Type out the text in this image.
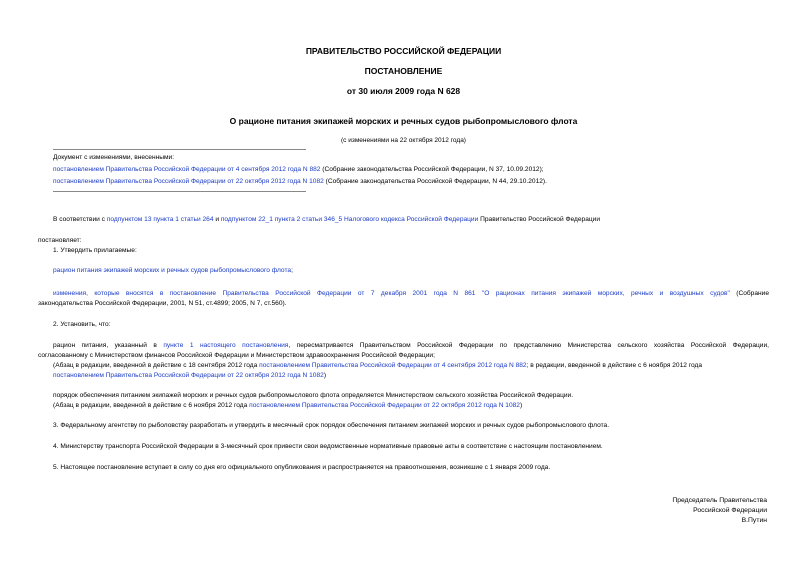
ПРАВИТЕЛЬСТВО РОССИЙСКОЙ ФЕДЕРАЦИИ
ПОСТАНОВЛЕНИЕ
от 30 июля 2009 года N 628
О рационе питания экипажей морских и речных судов рыбопромыслового флота
(с изменениями на 22 октября 2012 года)
Документ с изменениями, внесенными:
постановлением Правительства Российской Федерации от 4 сентября 2012 года N 882 (Собрание законодательства Российской Федерации, N 37, 10.09.2012);
постановлением Правительства Российской Федерации от 22 октября 2012 года N 1082 (Собрание законодательства Российской Федерации, N 44, 29.10.2012).
В соответствии с подпунктом 13 пункта 1 статьи 264 и подпунктом 22_1 пункта 2 статьи 346_5 Налогового кодекса Российской Федерации Правительство Российской Федерации
постановляет:
1. Утвердить прилагаемые:
рацион питания экипажей морских и речных судов рыбопромыслового флота;
изменения, которые вносятся в постановление Правительства Российской Федерации от 7 декабря 2001 года N 861 "О рационах питания экипажей морских, речных и воздушных судов" (Собрание
законодательства Российской Федерации, 2001, N 51, ст.4899; 2005, N 7, ст.560).
2. Установить, что:
рацион питания, указанный в пункте 1 настоящего постановления, пересматривается Правительством Российской Федерации по представлению Министерства сельского хозяйства Российской Федерации,
согласованному с Министерством финансов Российской Федерации и Министерством здравоохранения Российской Федерации;
(Абзац в редакции, введенной в действие с 18 сентября 2012 года постановлением Правительства Российской Федерации от 4 сентября 2012 года N 882; в редакции, введенной в действие с 6 ноября 2012 года
постановлением Правительства Российской Федерации от 22 октября 2012 года N 1082)
порядок обеспечения питанием экипажей морских и речных судов рыбопромыслового флота определяется Министерством сельского хозяйства Российской Федерации.
(Абзац в редакции, введенной в действие с 6 ноября 2012 года постановлением Правительства Российской Федерации от 22 октября 2012 года N 1082)
3. Федеральному агентству по рыболовству разработать и утвердить в месячный срок порядок обеспечения питанием экипажей морских и речных судов рыбопромыслового флота.
4. Министерству транспорта Российской Федерации в 3-месячный срок привести свои ведомственные нормативные правовые акты в соответствие с настоящим постановлением.
5. Настоящее постановление вступает в силу со дня его официального опубликования и распространяется на правоотношения, возникшие с 1 января 2009 года.
Председатель Правительства
Российской Федерации
В.Путин
